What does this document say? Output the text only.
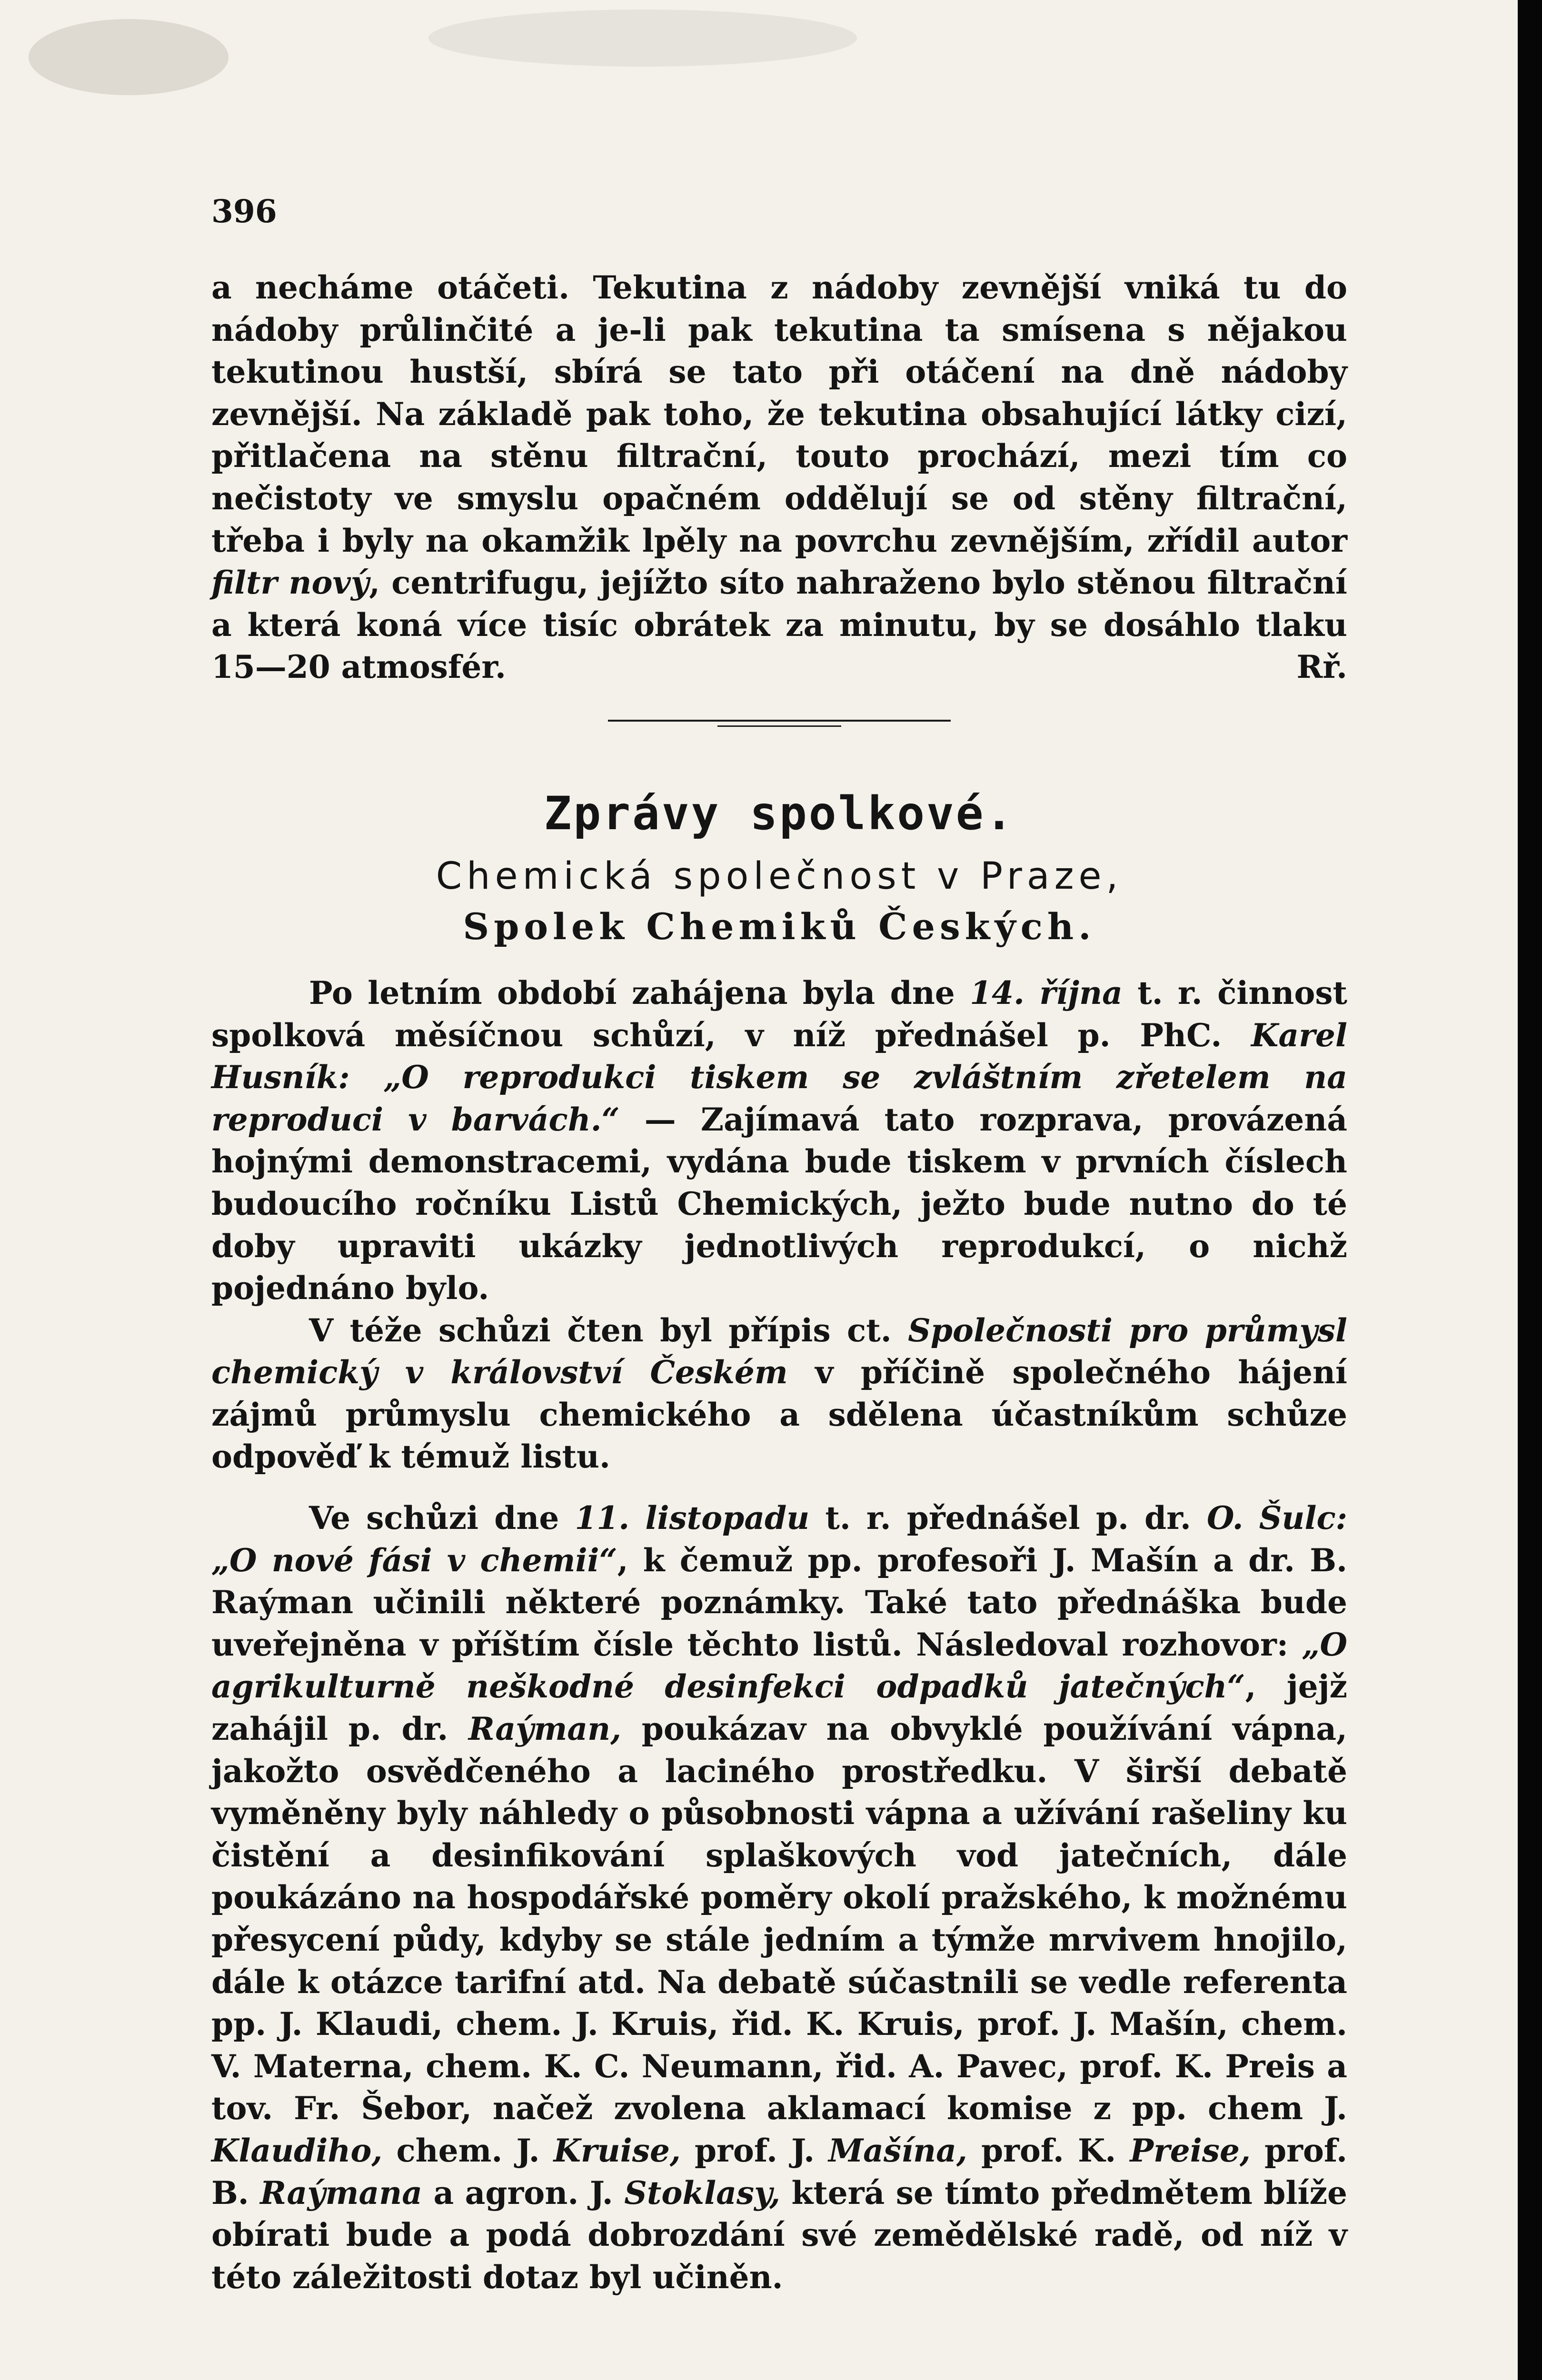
396

a necháme otáčeti. Tekutina z nádoby zevnější vniká tu do nádoby průlinčité a je-li pak tekutina ta smísena s nějakou tekutinou hustší, sbírá se tato při otáčení na dně nádoby zevnější. Na základě pak toho, že tekutina obsahující látky cizí, přitlačena na stěnu filtrační, touto prochází, mezi tím co nečistoty ve smyslu opačném oddělují se od stěny filtrační, třeba i byly na okamžik lpěly na povrchu zevnějším, zřídil autor filtr nový, centrifugu, jejížto síto nahraženo bylo stěnou filtrační a která koná více tisíc obrátek za minutu, by se dosáhlo tlaku 15—20 atmosfér.	Rř.

Zprávy spolkové.
Chemická společnost v Praze,
Spolek Chemiků Českých.

Po letním období zahájena byla dne 14. října t. r. činnost spolková měsíčnou schůzí, v níž přednášel p. PhC. Karel Husník: „O reprodukci tiskem se zvláštním zřetelem na reproduci v barvách.“ — Zajímavá tato rozprava, provázená hojnými demonstracemi, vydána bude tiskem v prvních číslech budoucího ročníku Listů Chemických, ježto bude nutno do té doby upraviti ukázky jednotlivých reprodukcí, o nichž pojednáno bylo.

V téže schůzi čten byl přípis ct. Společnosti pro průmysl chemický v království Českém v příčině společného hájení zájmů průmyslu chemického a sdělena účastníkům schůze odpověď k témuž listu.

Ve schůzi dne 11. listopadu t. r. přednášel p. dr. O. Šulc: „O nové fási v chemii“, k čemuž pp. profesoři J. Mašín a dr. B. Raýman učinili některé poznámky. Také tato přednáška bude uveřejněna v příštím čísle těchto listů. Následoval rozhovor: „O agrikulturně neškodné desinfekci odpadků jatečných“, jejž zahájil p. dr. Raýman, poukázav na obvyklé používání vápna, jakožto osvědčeného a laciného prostředku. V širší debatě vyměněny byly náhledy o působnosti vápna a užívání rašeliny ku čistění a desinfikování splaškových vod jatečních, dále poukázáno na hospodářské poměry okolí pražského, k možnému přesycení půdy, kdyby se stále jedním a týmže mrvivem hnojilo, dále k otázce tarifní atd. Na debatě súčastnili se vedle referenta pp. J. Klaudi, chem. J. Kruis, řid. K. Kruis, prof. J. Mašín, chem. V. Materna, chem. K. C. Neumann, řid. A. Pavec, prof. K. Preis a tov. Fr. Šebor, načež zvolena aklamací komise z pp. chem J. Klaudiho, chem. J. Kruise, prof. J. Mašína, prof. K. Preise, prof. B. Raýmana a agron. J. Stoklasy, která se tímto předmětem blíže obírati bude a podá dobrozdání své zemědělské radě, od níž v této záležitosti dotaz byl učiněn.
